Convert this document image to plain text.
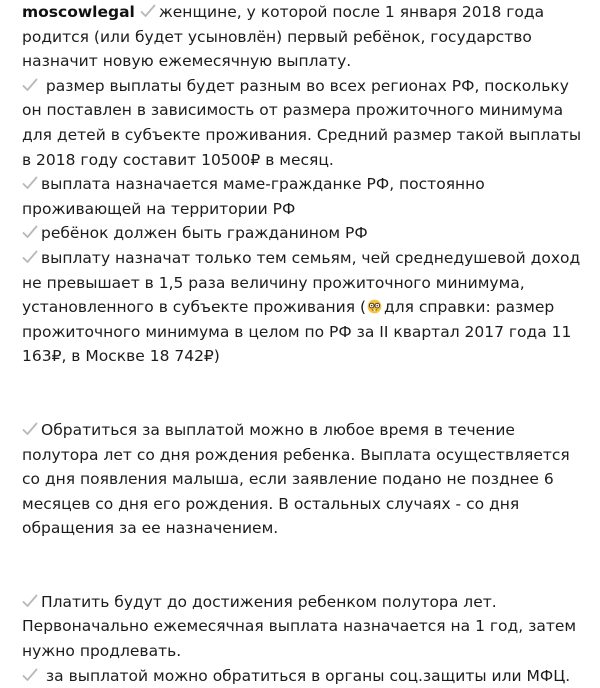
moscowlegal женщине, у которой после 1 января 2018 года родится (или будет усыновлён) первый ребёнок, государство назначит новую ежемесячную выплату.
размер выплаты будет разным во всех регионах РФ, поскольку он поставлен в зависимость от размера прожиточного минимума для детей в субъекте проживания. Средний размер такой выплаты в 2018 году составит 10500₽ в месяц.
выплата назначается маме-гражданке РФ, постоянно проживающей на территории РФ
ребёнок должен быть гражданином РФ
выплату назначат только тем семьям, чей среднедушевой доход не превышает в 1,5 раза величину прожиточного минимума, установленного в субъекте проживания ( для справки: размер прожиточного минимума в целом по РФ за II квартал 2017 года 11 163₽, в Москве 18 742₽)

Обратиться за выплатой можно в любое время в течение полутора лет со дня рождения ребенка. Выплата осуществляется со дня появления малыша, если заявление подано не позднее 6 месяцев со дня его рождения. В остальных случаях - со дня обращения за ее назначением.

Платить будут до достижения ребенком полутора лет. Первоначально ежемесячная выплата назначается на 1 год, затем нужно продлевать.
за выплатой можно обратиться в органы соц.защиты или МФЦ.
